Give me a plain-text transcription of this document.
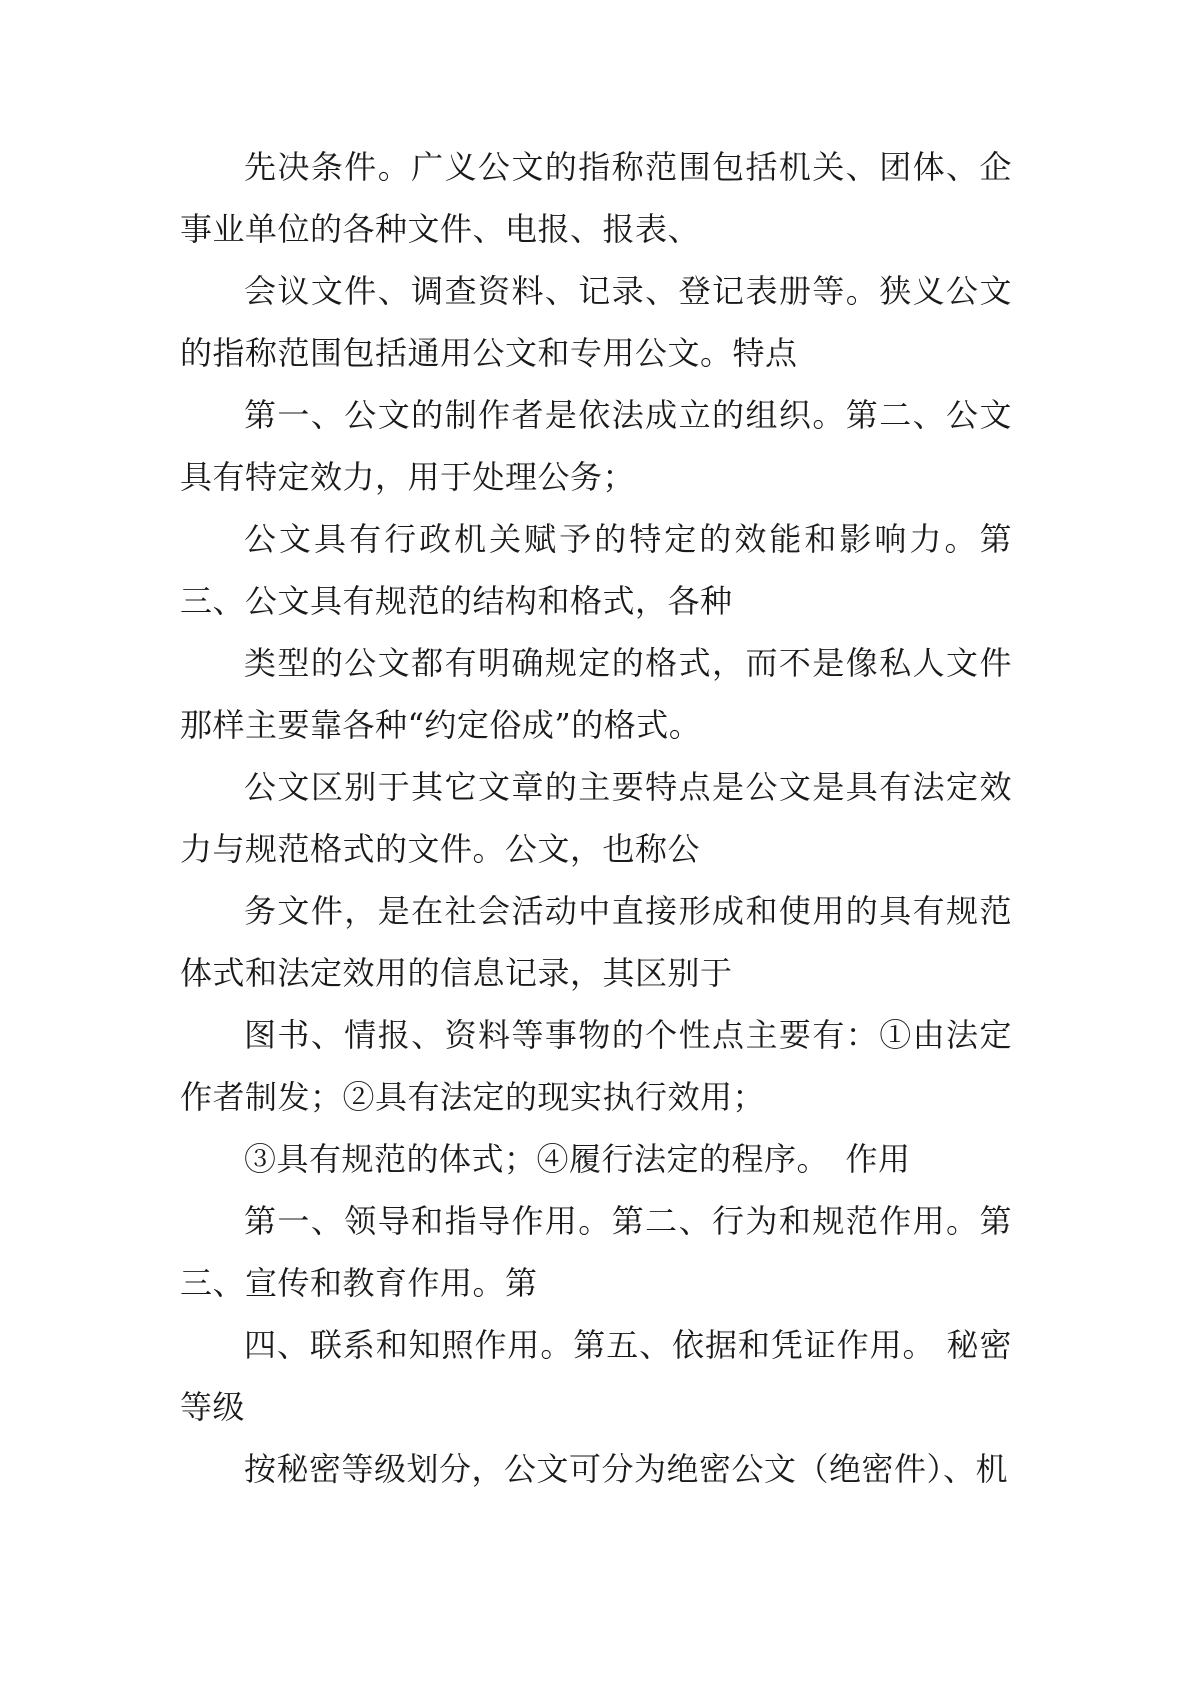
先决条件。广义公文的指称范围包括机关、团体、企事业单位的各种文件、电报、报表、

会议文件、调查资料、记录、登记表册等。狭义公文的指称范围包括通用公文和专用公文。特点

第一、公文的制作者是依法成立的组织。第二、公文具有特定效力，用于处理公务；

公文具有行政机关赋予的特定的效能和影响力。第三、公文具有规范的结构和格式，各种

类型的公文都有明确规定的格式，而不是像私人文件那样主要靠各种“约定俗成”的格式。

公文区别于其它文章的主要特点是公文是具有法定效力与规范格式的文件。公文，也称公

务文件，是在社会活动中直接形成和使用的具有规范体式和法定效用的信息记录，其区别于

图书、情报、资料等事物的个性点主要有：①由法定作者制发；②具有法定的现实执行效用；

③具有规范的体式；④履行法定的程序。　作用

第一、领导和指导作用。第二、行为和规范作用。第三、宣传和教育作用。第

四、联系和知照作用。第五、依据和凭证作用。 秘密等级

按秘密等级划分，公文可分为绝密公文（绝密件）、机
